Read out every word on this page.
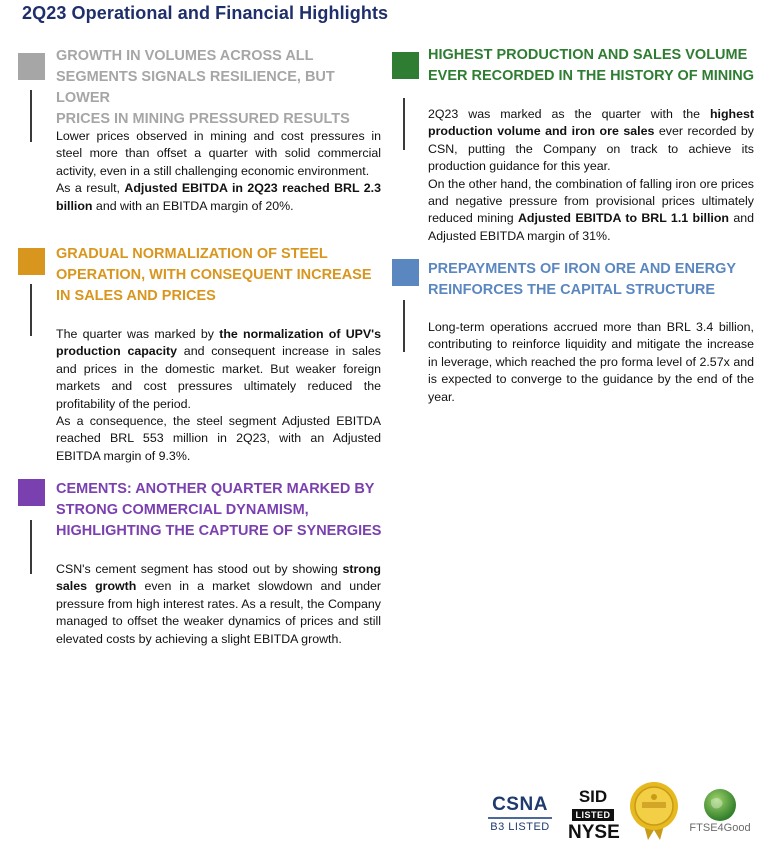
2Q23 Operational and Financial Highlights
GROWTH IN VOLUMES ACROSS ALL
SEGMENTS SIGNALS RESILIENCE, BUT LOWER
PRICES IN MINING PRESSURED RESULTS

Lower prices observed in mining and cost pressures in steel more than offset a quarter with solid commercial activity, even in a still challenging economic environment.

As a result, Adjusted EBITDA in 2Q23 reached BRL 2.3 billion and with an EBITDA margin of 20%.

GRADUAL NORMALIZATION OF STEEL
OPERATION, WITH CONSEQUENT INCREASE
IN SALES AND PRICES

The quarter was marked by the normalization of UPV's production capacity and consequent increase in sales and prices in the domestic market. But weaker foreign markets and cost pressures ultimately reduced the profitability of the period.

As a consequence, the steel segment Adjusted EBITDA reached BRL 553 million in 2Q23, with an Adjusted EBITDA margin of 9.3%.

CEMENTS: ANOTHER QUARTER MARKED BY
STRONG COMMERCIAL DYNAMISM,
HIGHLIGHTING THE CAPTURE OF SYNERGIES

CSN's cement segment has stood out by showing strong sales growth even in a market slowdown and under pressure from high interest rates. As a result, the Company managed to offset the weaker dynamics of prices and still elevated costs by achieving a slight EBITDA growth.

HIGHEST PRODUCTION AND SALES VOLUME
EVER RECORDED IN THE HISTORY OF MINING

2Q23 was marked as the quarter with the highest production volume and iron ore sales ever recorded by CSN, putting the Company on track to achieve its production guidance for this year.

On the other hand, the combination of falling iron ore prices and negative pressure from provisional prices ultimately reduced mining Adjusted EBITDA to BRL 1.1 billion and Adjusted EBITDA margin of 31%.

PREPAYMENTS OF IRON ORE AND ENERGY
REINFORCES THE CAPITAL STRUCTURE

Long-term operations accrued more than BRL 3.4 billion, contributing to reinforce liquidity and mitigate the increase in leverage, which reached the pro forma level of 2.57x and is expected to converge to the guidance by the end of the year.

CSNA
B3 LISTED
SID
LISTED
NYSE	FTSE4Good
